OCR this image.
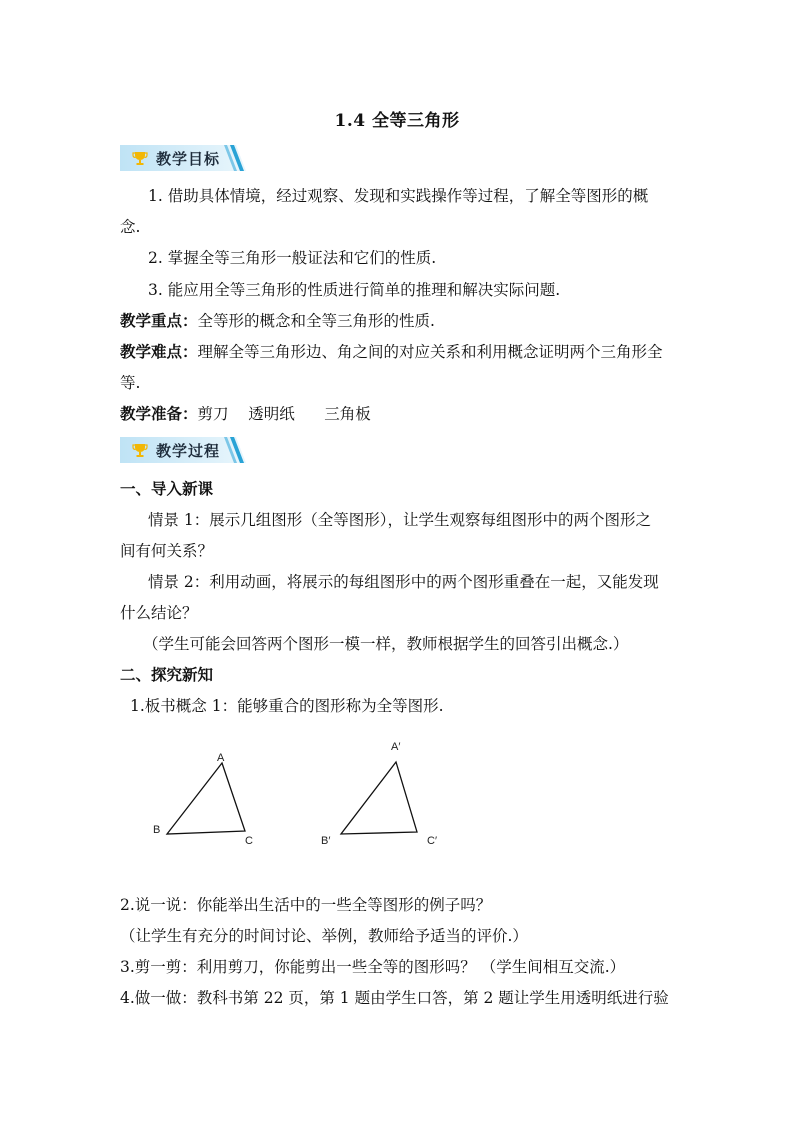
1.4 全等三角形
教学目标
1. 借助具体情境，经过观察、发现和实践操作等过程，了解全等图形的概
念.
2. 掌握全等三角形一般证法和它们的性质.
3. 能应用全等三角形的性质进行简单的推理和解决实际问题.
教学重点：全等形的概念和全等三角形的性质.
教学难点：理解全等三角形边、角之间的对应关系和利用概念证明两个三角形全
等.
教学准备：剪刀    透明纸      三角板
教学过程
一、导入新课
情景 1：展示几组图形（全等图形），让学生观察每组图形中的两个图形之
间有何关系？
情景 2：利用动画，将展示的每组图形中的两个图形重叠在一起，又能发现
什么结论？
（学生可能会回答两个图形一模一样，教师根据学生的回答引出概念.）
二、探究新知
1.板书概念 1：能够重合的图形称为全等图形.
A
B
C
A′
B′	C′
2.说一说：你能举出生活中的一些全等图形的例子吗？
（让学生有充分的时间讨论、举例，教师给予适当的评价.）
3.剪一剪：利用剪刀，你能剪出一些全等的图形吗？ （学生间相互交流.）
4.做一做：教科书第 22 页，第 1 题由学生口答，第 2 题让学生用透明纸进行验
